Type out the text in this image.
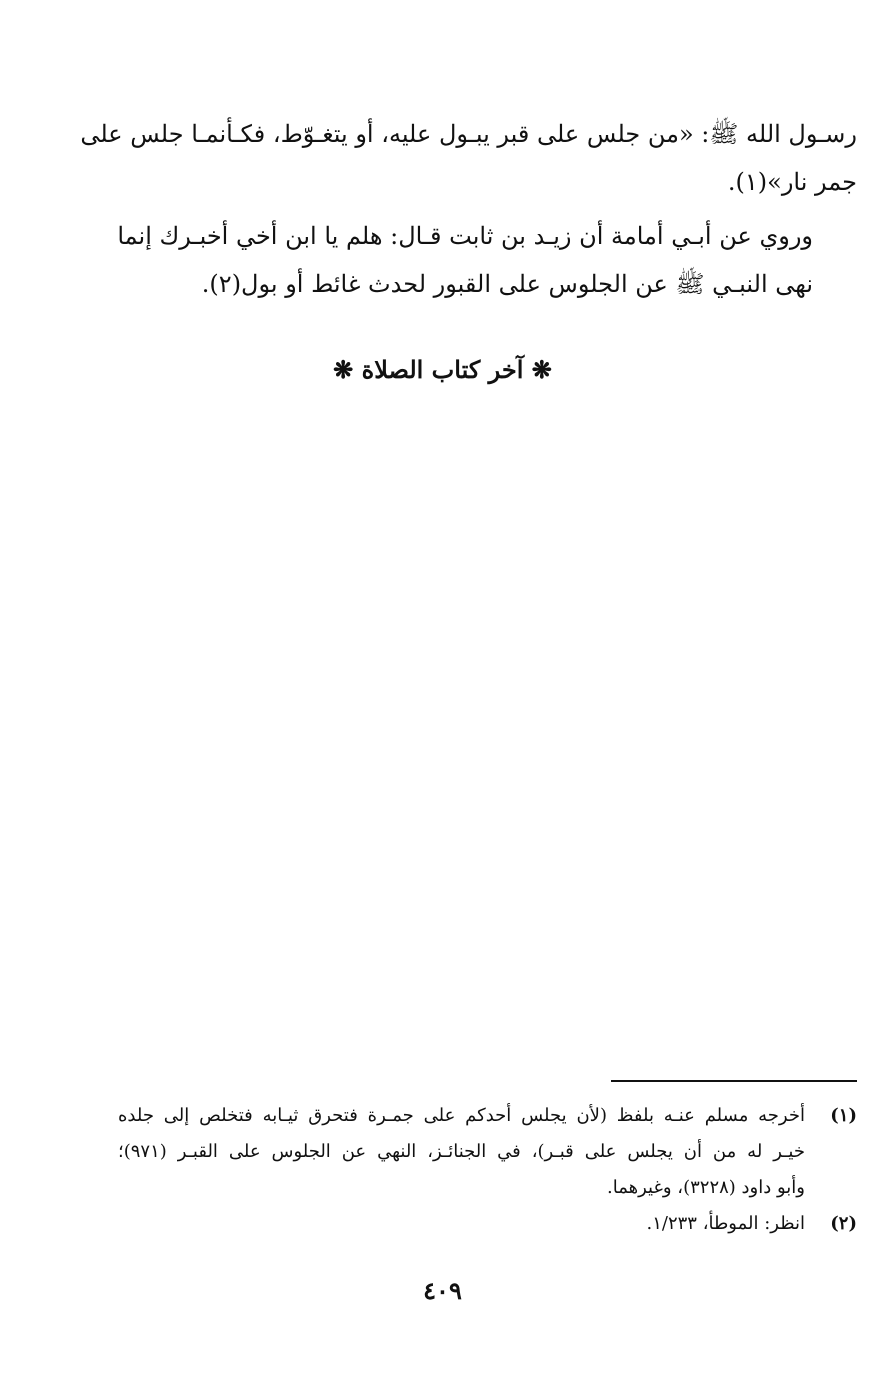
رسـول الله ﷺ: «من جلس على قبر يبـول عليه، أو يتغـوّط، فكـأنمـا جلس على
جمر نار»(١).

وروي عن أبـي أمامة أن زيـد بن ثابت قـال: هلم يا ابن أخي أخبـرك إنما
نهى النبـي ﷺ عن الجلوس على القبور لحدث غائط أو بول(٢).

❋ آخر كتاب الصلاة ❋
(١)
أخرجه مسلم عنـه بلفظ (لأن يجلس أحدكم على جمـرة فتحرق ثيـابه فتخلص إلى جلده
خيـر له من أن يجلس على قبـر)، في الجنائـز، النهي عن الجلوس على القبـر (٩٧١)؛
وأبو داود (٣٢٢٨)، وغيرهما.
(٢)
انظر: الموطأ، ١/٢٣٣.
٤٠٩
